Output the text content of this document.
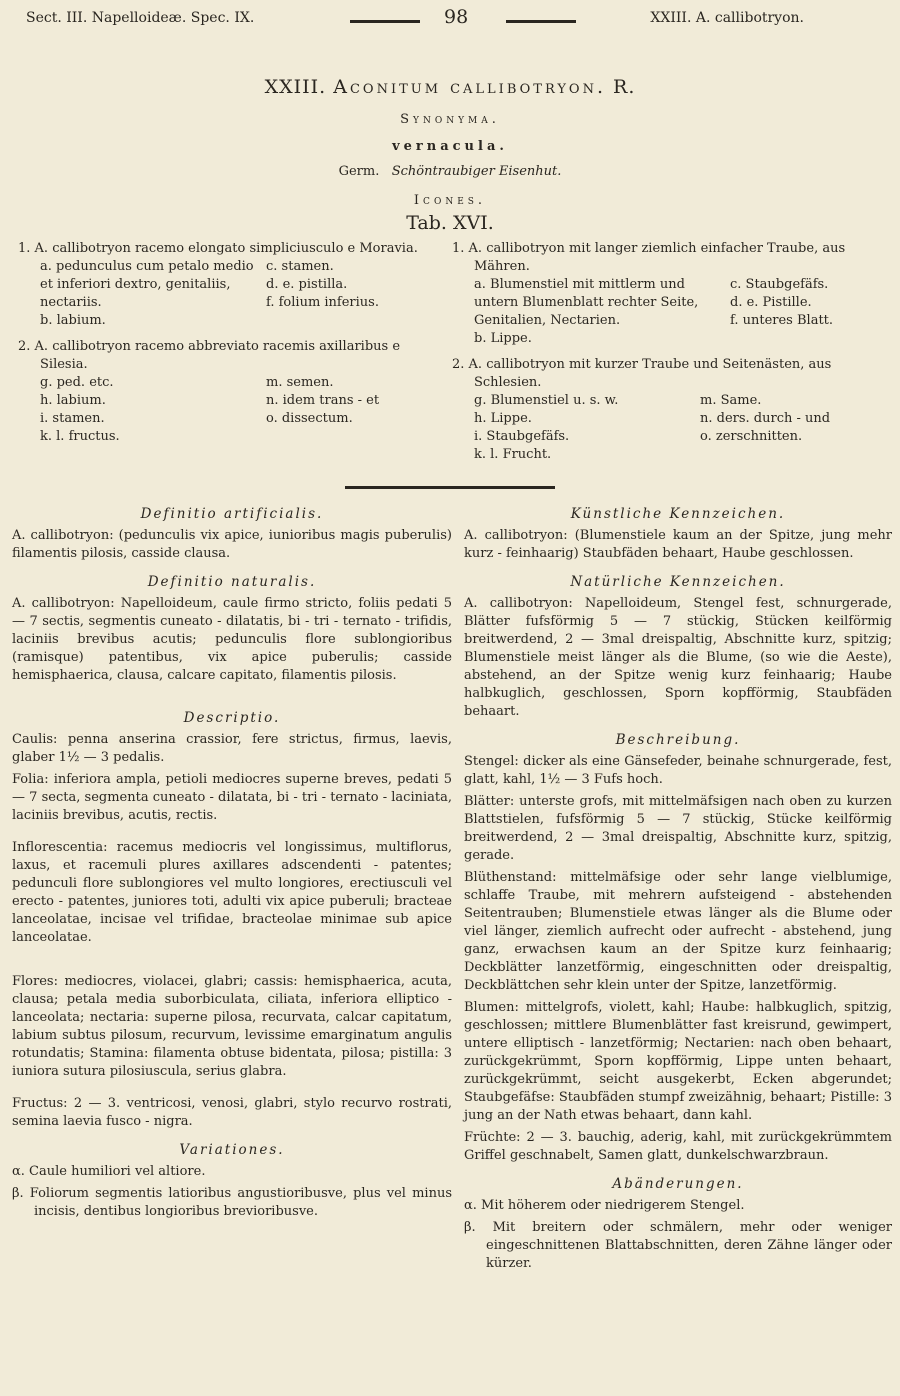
Sect. III. Napelloideæ. Spec. IX.	98	XXIII. A. callibotryon.
XXIII. Aconitum callibotryon. R.
Synonyma.
vernacula.
Germ. Schöntraubiger Eisenhut.
Icones.
Tab. XVI.
1. A. callibotryon racemo elongato simpliciusculo e Moravia.
a. pedunculus cum petalo medio et inferiori dextro, genitaliis, nectariis.
c. stamen.
d. e. pistilla.
f. folium inferius.
b. labium.
2. A. callibotryon racemo abbreviato racemis axillaribus e Silesia.
g. ped. etc.
h. labium.
i. stamen.
k. l. fructus.
m. semen.
n. idem trans - et
o. dissectum.
1. A. callibotryon mit langer ziemlich einfacher Traube, aus Mähren.
a. Blumenstiel mit mittlerm und untern Blumenblatt rechter Seite, Genitalien, Nectarien.
c. Staubgefäfs.
d. e. Pistille.
f. unteres Blatt.
b. Lippe.
2. A. callibotryon mit kurzer Traube und Seitenästen, aus Schlesien.
g. Blumenstiel u. s. w.
h. Lippe.
i. Staubgefäfs.
k. l. Frucht.
m. Same.
n. ders. durch - und
o. zerschnitten.
Definitio artificialis.

A. callibotryon: (pedunculis vix apice, iunioribus magis puberulis) filamentis pilosis, casside clausa.

Definitio naturalis.

A. callibotryon: Napelloideum, caule firmo stricto, foliis pedati 5 — 7 sectis, segmentis cuneato - dilatatis, bi - tri - ternato - trifidis, laciniis brevibus acutis; pedunculis flore sublongioribus (ramisque) patentibus, vix apice puberulis; casside hemisphaerica, clausa, calcare capitato, filamentis pilosis.

Descriptio.

Caulis: penna anserina crassior, fere strictus, firmus, laevis, glaber 1½ — 3 pedalis.

Folia: inferiora ampla, petioli mediocres superne breves, pedati 5 — 7 secta, segmenta cuneato - dilatata, bi - tri - ternato - laciniata, laciniis brevibus, acutis, rectis.

Inflorescentia: racemus mediocris vel longissimus, multiflorus, laxus, et racemuli plures axillares adscendenti - patentes; pedunculi flore sublongiores vel multo longiores, erectiusculi vel erecto - patentes, juniores toti, adulti vix apice puberuli; bracteae lanceolatae, incisae vel trifidae, bracteolae minimae sub apice lanceolatae.

Flores: mediocres, violacei, glabri; cassis: hemisphaerica, acuta, clausa; petala media suborbiculata, ciliata, inferiora elliptico - lanceolata; nectaria: superne pilosa, recurvata, calcar capitatum, labium subtus pilosum, recurvum, levissime emarginatum angulis rotundatis; Stamina: filamenta obtuse bidentata, pilosa; pistilla: 3 iuniora sutura pilosiuscula, serius glabra.

Fructus: 2 — 3. ventricosi, venosi, glabri, stylo recurvo rostrati, semina laevia fusco - nigra.

Variationes.

α. Caule humiliori vel altiore.

β. Foliorum segmentis latioribus angustioribusve, plus vel minus incisis, dentibus longioribus brevioribusve.

Künstliche Kennzeichen.

A. callibotryon: (Blumenstiele kaum an der Spitze, jung mehr kurz - feinhaarig) Staubfäden behaart, Haube geschlossen.

Natürliche Kennzeichen.

A. callibotryon: Napelloideum, Stengel fest, schnurgerade, Blätter fufsförmig 5 — 7 stückig, Stücken keilförmig breitwerdend, 2 — 3mal dreispaltig, Abschnitte kurz, spitzig; Blumenstiele meist länger als die Blume, (so wie die Aeste), abstehend, an der Spitze wenig kurz feinhaarig; Haube halbkuglich, geschlossen, Sporn kopfförmig, Staubfäden behaart.

Beschreibung.

Stengel: dicker als eine Gänsefeder, beinahe schnurgerade, fest, glatt, kahl, 1½ — 3 Fufs hoch.

Blätter: unterste grofs, mit mittelmäfsigen nach oben zu kurzen Blattstielen, fufsförmig 5 — 7 stückig, Stücke keilförmig breitwerdend, 2 — 3mal dreispaltig, Abschnitte kurz, spitzig, gerade.

Blüthenstand: mittelmäfsige oder sehr lange vielblumige, schlaffe Traube, mit mehrern aufsteigend - abstehenden Seitentrauben; Blumenstiele etwas länger als die Blume oder viel länger, ziemlich aufrecht oder aufrecht - abstehend, jung ganz, erwachsen kaum an der Spitze kurz feinhaarig; Deckblätter lanzetförmig, eingeschnitten oder dreispaltig, Deckblättchen sehr klein unter der Spitze, lanzetförmig.

Blumen: mittelgrofs, violett, kahl; Haube: halbkuglich, spitzig, geschlossen; mittlere Blumenblätter fast kreisrund, gewimpert, untere elliptisch - lanzetförmig; Nectarien: nach oben behaart, zurückgekrümmt, Sporn kopfförmig, Lippe unten behaart, zurückgekrümmt, seicht ausgekerbt, Ecken abgerundet; Staubgefäfse: Staubfäden stumpf zweizähnig, behaart; Pistille: 3 jung an der Nath etwas behaart, dann kahl.

Früchte: 2 — 3. bauchig, aderig, kahl, mit zurückgekrümmtem Griffel geschnabelt, Samen glatt, dunkelschwarzbraun.

Abänderungen.

α. Mit höherem oder niedrigerem Stengel.

β. Mit breitern oder schmälern, mehr oder weniger eingeschnittenen Blattabschnitten, deren Zähne länger oder kürzer.
